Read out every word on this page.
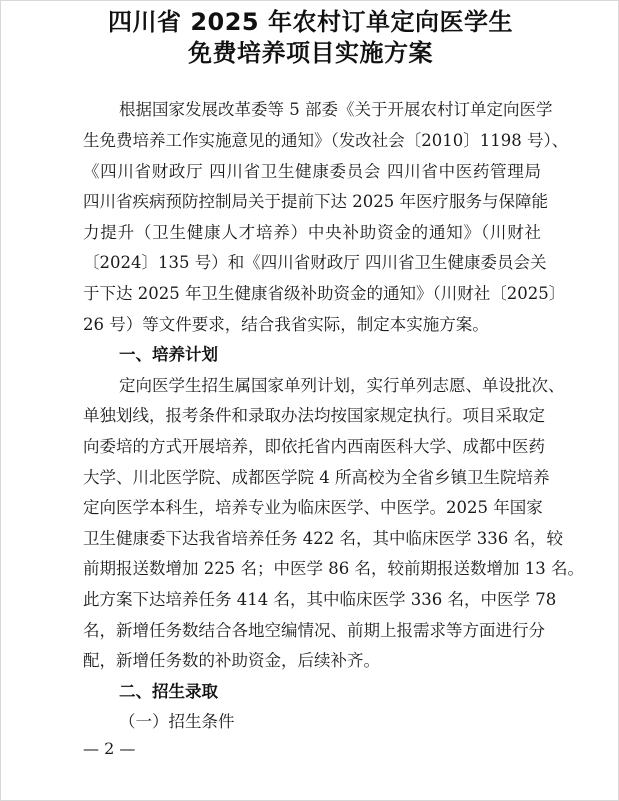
四川省 2025 年农村订单定向医学生
免费培养项目实施方案
根据国家发展改革委等 5 部委《关于开展农村订单定向医学
生免费培养工作实施意见的通知》（发改社会〔2010〕1198 号）、
《四川省财政厅 四川省卫生健康委员会 四川省中医药管理局
四川省疾病预防控制局关于提前下达 2025 年医疗服务与保障能
力提升（卫生健康人才培养）中央补助资金的通知》（川财社
〔2024〕135 号）和《四川省财政厅 四川省卫生健康委员会关
于下达 2025 年卫生健康省级补助资金的通知》（川财社〔2025〕
26 号）等文件要求，结合我省实际，制定本实施方案。
一、培养计划
定向医学生招生属国家单列计划，实行单列志愿、单设批次、
单独划线，报考条件和录取办法均按国家规定执行。项目采取定
向委培的方式开展培养，即依托省内西南医科大学、成都中医药
大学、川北医学院、成都医学院 4 所高校为全省乡镇卫生院培养
定向医学本科生，培养专业为临床医学、中医学。2025 年国家
卫生健康委下达我省培养任务 422 名，其中临床医学 336 名，较
前期报送数增加 225 名；中医学 86 名，较前期报送数增加 13 名。
此方案下达培养任务 414 名，其中临床医学 336 名，中医学 78
名，新增任务数结合各地空编情况、前期上报需求等方面进行分
配，新增任务数的补助资金，后续补齐。
二、招生录取
（一）招生条件
— 2 —
